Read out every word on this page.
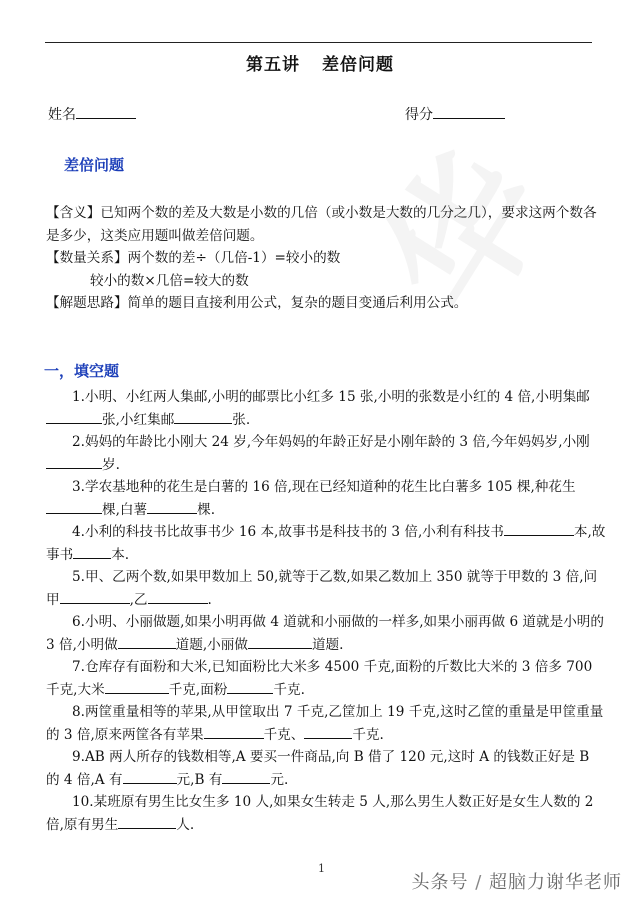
第五讲 差倍问题
姓名	得分
差倍问题

【含义】已知两个数的差及大数是小数的几倍（或小数是大数的几分之几），要求这两个数各是多少，这类应用题叫做差倍问题。

【数量关系】两个数的差÷（几倍-1）=较小的数

较小的数×几倍=较大的数

【解题思路】简单的题目直接利用公式，复杂的题目变通后利用公式。

一，填空题

1.小明、小红两人集邮,小明的邮票比小红多 15 张,小明的张数是小红的 4 倍,小明集邮张,小红集邮	张.

2.妈妈的年龄比小刚大 24 岁,今年妈妈的年龄正好是小刚年龄的 3 倍,今年妈妈岁,小刚岁.

3.学农基地种的花生是白薯的 16 倍,现在已经知道种的花生比白薯多 105 棵,种花生棵,白薯	棵.

4.小利的科技书比故事书少 16 本,故事书是科技书的 3 倍,小利有科技书	本,故事书	本.

5.甲、乙两个数,如果甲数加上 50,就等于乙数,如果乙数加上 350 就等于甲数的 3 倍,问甲	,乙	.

6.小明、小丽做题,如果小明再做 4 道就和小丽做的一样多,如果小丽再做 6 道就是小明的 3 倍,小明做	道题,小丽做	道题.

7.仓库存有面粉和大米,已知面粉比大米多 4500 千克,面粉的斤数比大米的 3 倍多 700 千克,大米	千克,面粉	千克.

8.两筐重量相等的苹果,从甲筐取出 7 千克,乙筐加上 19 千克,这时乙筐的重量是甲筐重量的 3 倍,原来两筐各有苹果	千克、	千克.

9.AB 两人所存的钱数相等,A 要买一件商品,向 B 借了 120 元,这时 A 的钱数正好是 B 的 4 倍,A 有	元,B 有	元.

10.某班原有男生比女生多 10 人,如果女生转走 5 人,那么男生人数正好是女生人数的 2 倍,原有男生	人.

1
头条号 / 超脑力谢华老师
